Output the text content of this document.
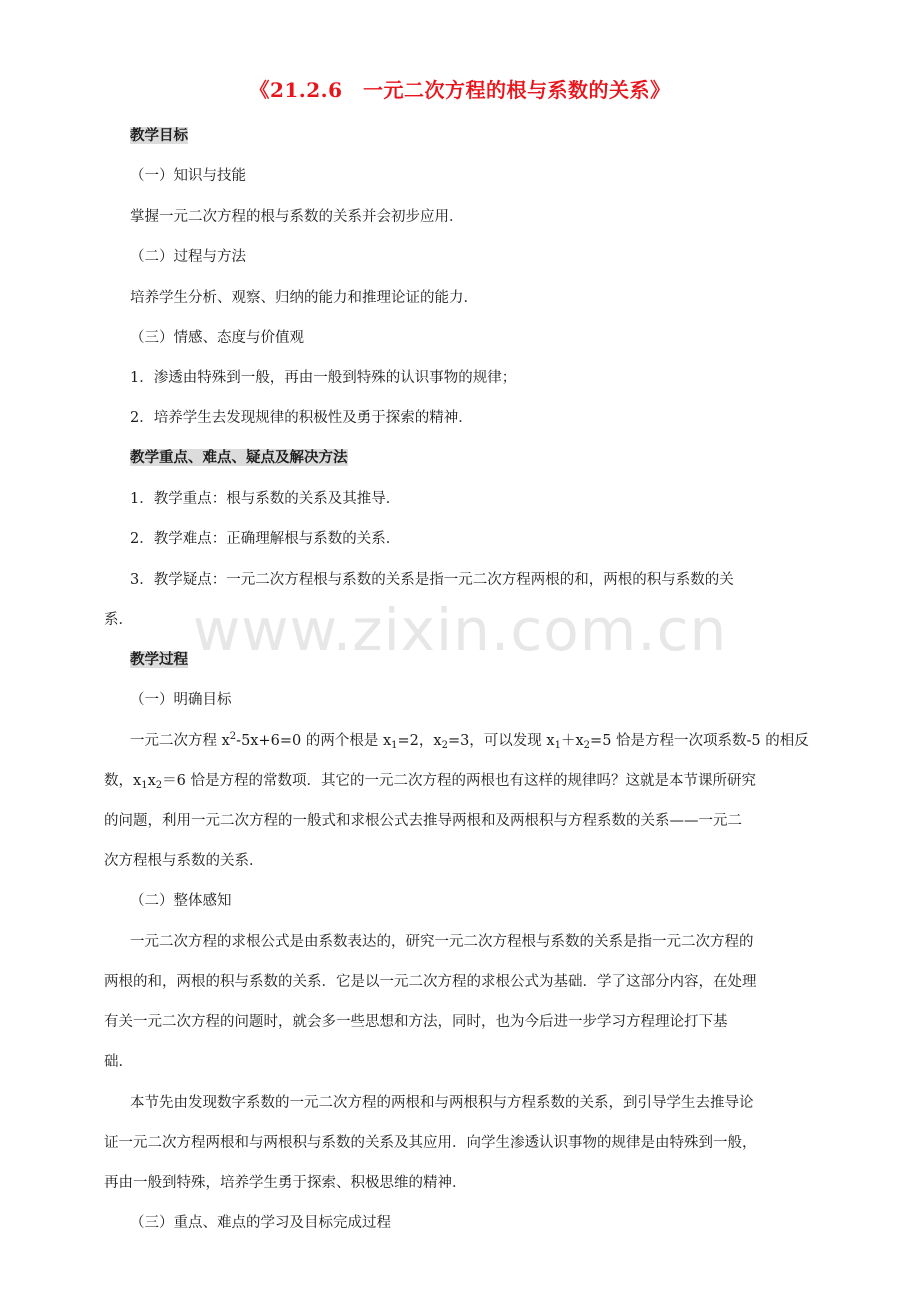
www.zixin.com.cn
《21.2.6　一元二次方程的根与系数的关系》
教学目标
（一）知识与技能
掌握一元二次方程的根与系数的关系并会初步应用．
（二）过程与方法
培养学生分析、观察、归纳的能力和推理论证的能力．
（三）情感、态度与价值观
1．渗透由特殊到一般，再由一般到特殊的认识事物的规律；
2．培养学生去发现规律的积极性及勇于探索的精神．
教学重点、难点、疑点及解决方法
1．教学重点：根与系数的关系及其推导．
2．教学难点：正确理解根与系数的关系．
3．教学疑点：一元二次方程根与系数的关系是指一元二次方程两根的和，两根的积与系数的关
系．
教学过程
（一）明确目标
一元二次方程 $x^2-5x+6=0$ 的两个根是 $x_1=2$，$x_2=3$，可以发现 $x_1+x_2=5$ 恰是方程一次项系数-5 的相反
数，$x_1x_2=6$ 恰是方程的常数项．其它的一元二次方程的两根也有这样的规律吗？这就是本节课所研究
的问题，利用一元二次方程的一般式和求根公式去推导两根和及两根积与方程系数的关系——一元二
次方程根与系数的关系．
（二）整体感知
一元二次方程的求根公式是由系数表达的，研究一元二次方程根与系数的关系是指一元二次方程的
两根的和，两根的积与系数的关系．它是以一元二次方程的求根公式为基础．学了这部分内容，在处理
有关一元二次方程的问题时，就会多一些思想和方法，同时，也为今后进一步学习方程理论打下基
础．
本节先由发现数字系数的一元二次方程的两根和与两根积与方程系数的关系，到引导学生去推导论
证一元二次方程两根和与两根积与系数的关系及其应用．向学生渗透认识事物的规律是由特殊到一般，
再由一般到特殊，培养学生勇于探索、积极思维的精神．
（三）重点、难点的学习及目标完成过程
